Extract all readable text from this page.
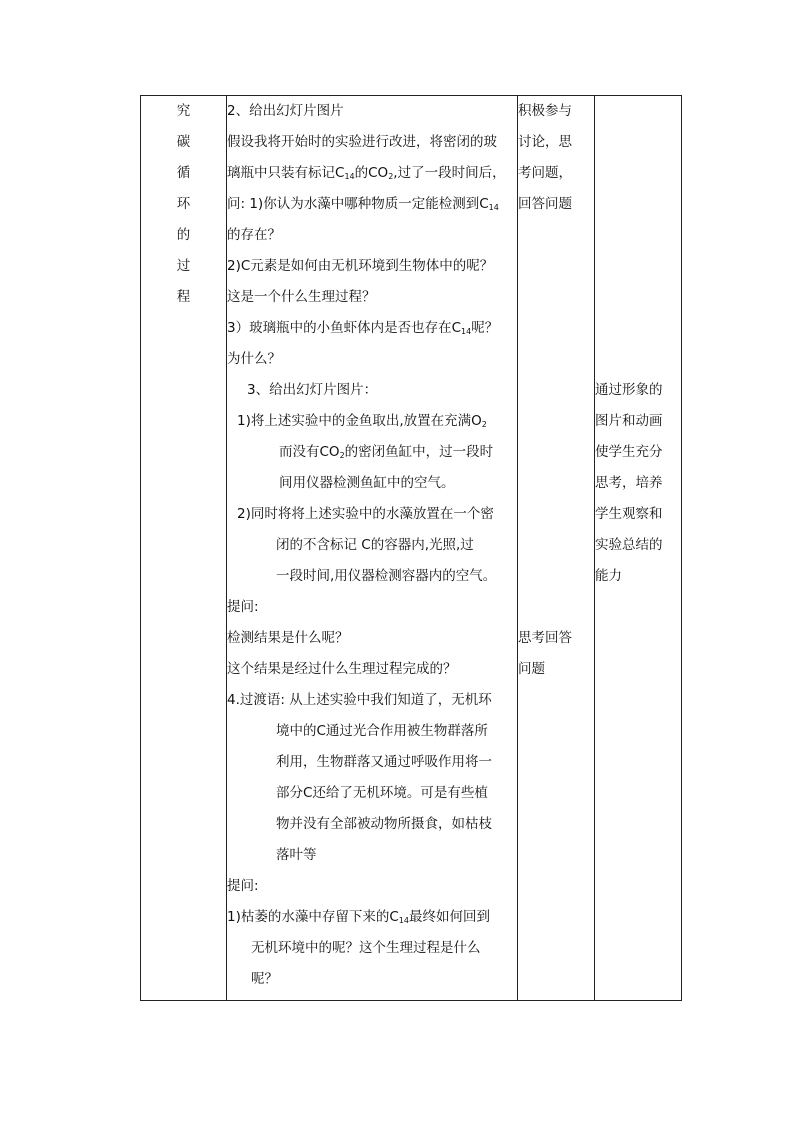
究
碳
循
环
的
过
程

2、给出幻灯片图片
假设我将开始时的实验进行改进，将密闭的玻
璃瓶中只装有标记$C_{14}$的$CO_2$,过了一段时间后，
问: 1)你认为水藻中哪种物质一定能检测到$C_{14}$
的存在？
2)C元素是如何由无机环境到生物体中的呢？
这是一个什么生理过程？
3）玻璃瓶中的小鱼虾体内是否也存在$C_{14}$呢？
为什么？
3、给出幻灯片图片：
1)将上述实验中的金鱼取出,放置在充满$O_2$
而没有$CO_2$的密闭鱼缸中，过一段时
间用仪器检测鱼缸中的空气。
2)同时将将上述实验中的水藻放置在一个密
闭的不含标记 C的容器内,光照,过
一段时间,用仪器检测容器内的空气。
提问:
检测结果是什么呢？
这个结果是经过什么生理过程完成的？
4.过渡语: 从上述实验中我们知道了，无机环
境中的C通过光合作用被生物群落所
利用，生物群落又通过呼吸作用将一
部分C还给了无机环境。可是有些植
物并没有全部被动物所摄食，如枯枝
落叶等
提问:
1)枯萎的水藻中存留下来的$C_{14}$最终如何回到
无机环境中的呢？这个生理过程是什么
呢？

积极参与
讨论，思
考问题，
回答问题
思考回答
问题

通过形象的
图片和动画
使学生充分
思考，培养
学生观察和
实验总结的
能力
